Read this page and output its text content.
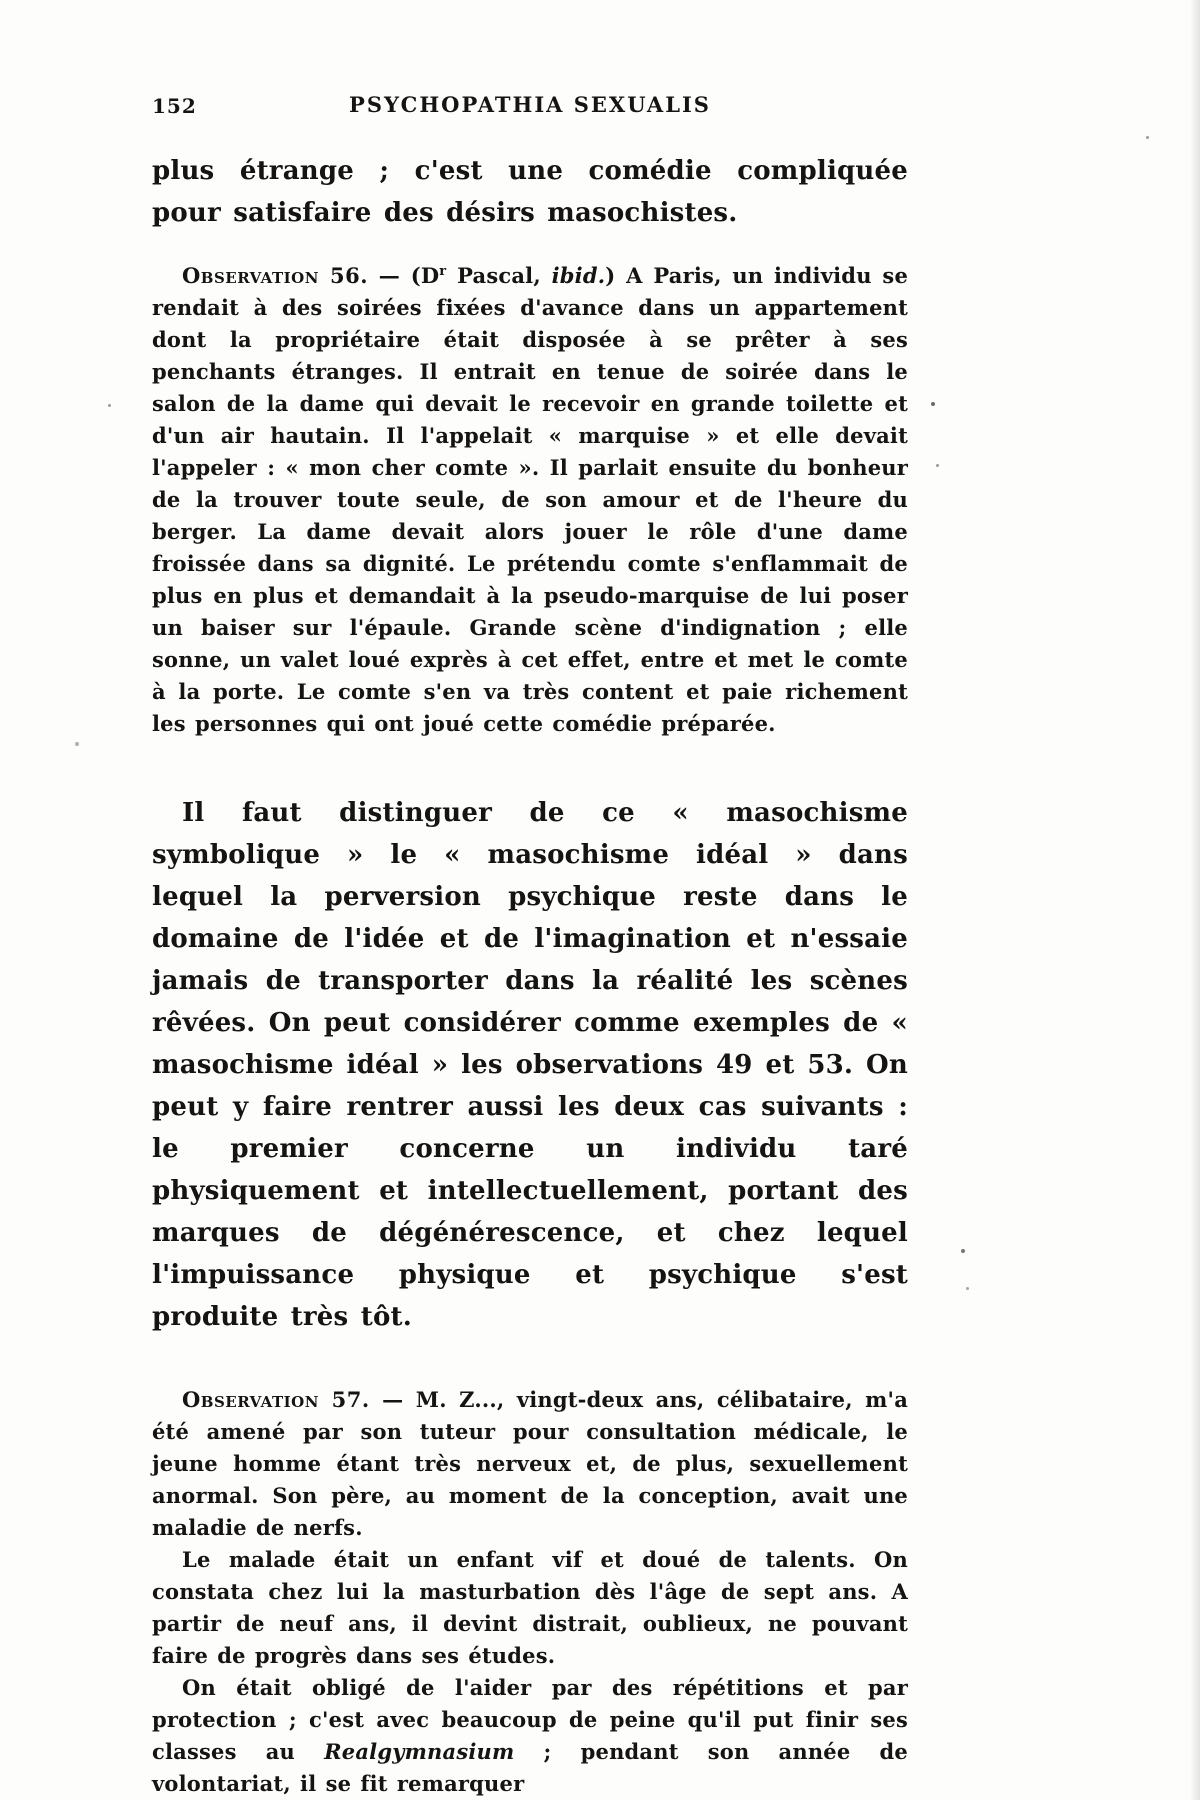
152	PSYCHOPATHIA SEXUALIS

plus étrange ; c'est une comédie compliquée pour satisfaire des désirs masochistes.

Observation 56. — ($D^r$ Pascal, ibid.) A Paris, un individu se rendait à des soirées fixées d'avance dans un appartement dont la propriétaire était disposée à se prêter à ses penchants étranges. Il entrait en tenue de soirée dans le salon de la dame qui devait le recevoir en grande toilette et d'un air hautain. Il l'appelait « marquise » et elle devait l'appeler : « mon cher comte ». Il parlait ensuite du bonheur de la trouver toute seule, de son amour et de l'heure du berger. La dame devait alors jouer le rôle d'une dame froissée dans sa dignité. Le prétendu comte s'enflammait de plus en plus et demandait à la pseudo-marquise de lui poser un baiser sur l'épaule. Grande scène d'indignation ; elle sonne, un valet loué exprès à cet effet, entre et met le comte à la porte. Le comte s'en va très content et paie richement les personnes qui ont joué cette comédie préparée.

Il faut distinguer de ce « masochisme symbolique » le « masochisme idéal » dans lequel la perversion psychique reste dans le domaine de l'idée et de l'imagination et n'essaie jamais de transporter dans la réalité les scènes rêvées. On peut considérer comme exemples de « masochisme idéal » les observations 49 et 53. On peut y faire rentrer aussi les deux cas suivants : le premier concerne un individu taré physiquement et intellectuellement, portant des marques de dégénérescence, et chez lequel l'impuissance physique et psychique s'est produite très tôt.

Observation 57. — M. Z..., vingt-deux ans, célibataire, m'a été amené par son tuteur pour consultation médicale, le jeune homme étant très nerveux et, de plus, sexuellement anormal. Son père, au moment de la conception, avait une maladie de nerfs.

Le malade était un enfant vif et doué de talents. On constata chez lui la masturbation dès l'âge de sept ans. A partir de neuf ans, il devint distrait, oublieux, ne pouvant faire de progrès dans ses études.

On était obligé de l'aider par des répétitions et par protection ; c'est avec beaucoup de peine qu'il put finir ses classes au Realgymnasium ; pendant son année de volontariat, il se fit remarquer
